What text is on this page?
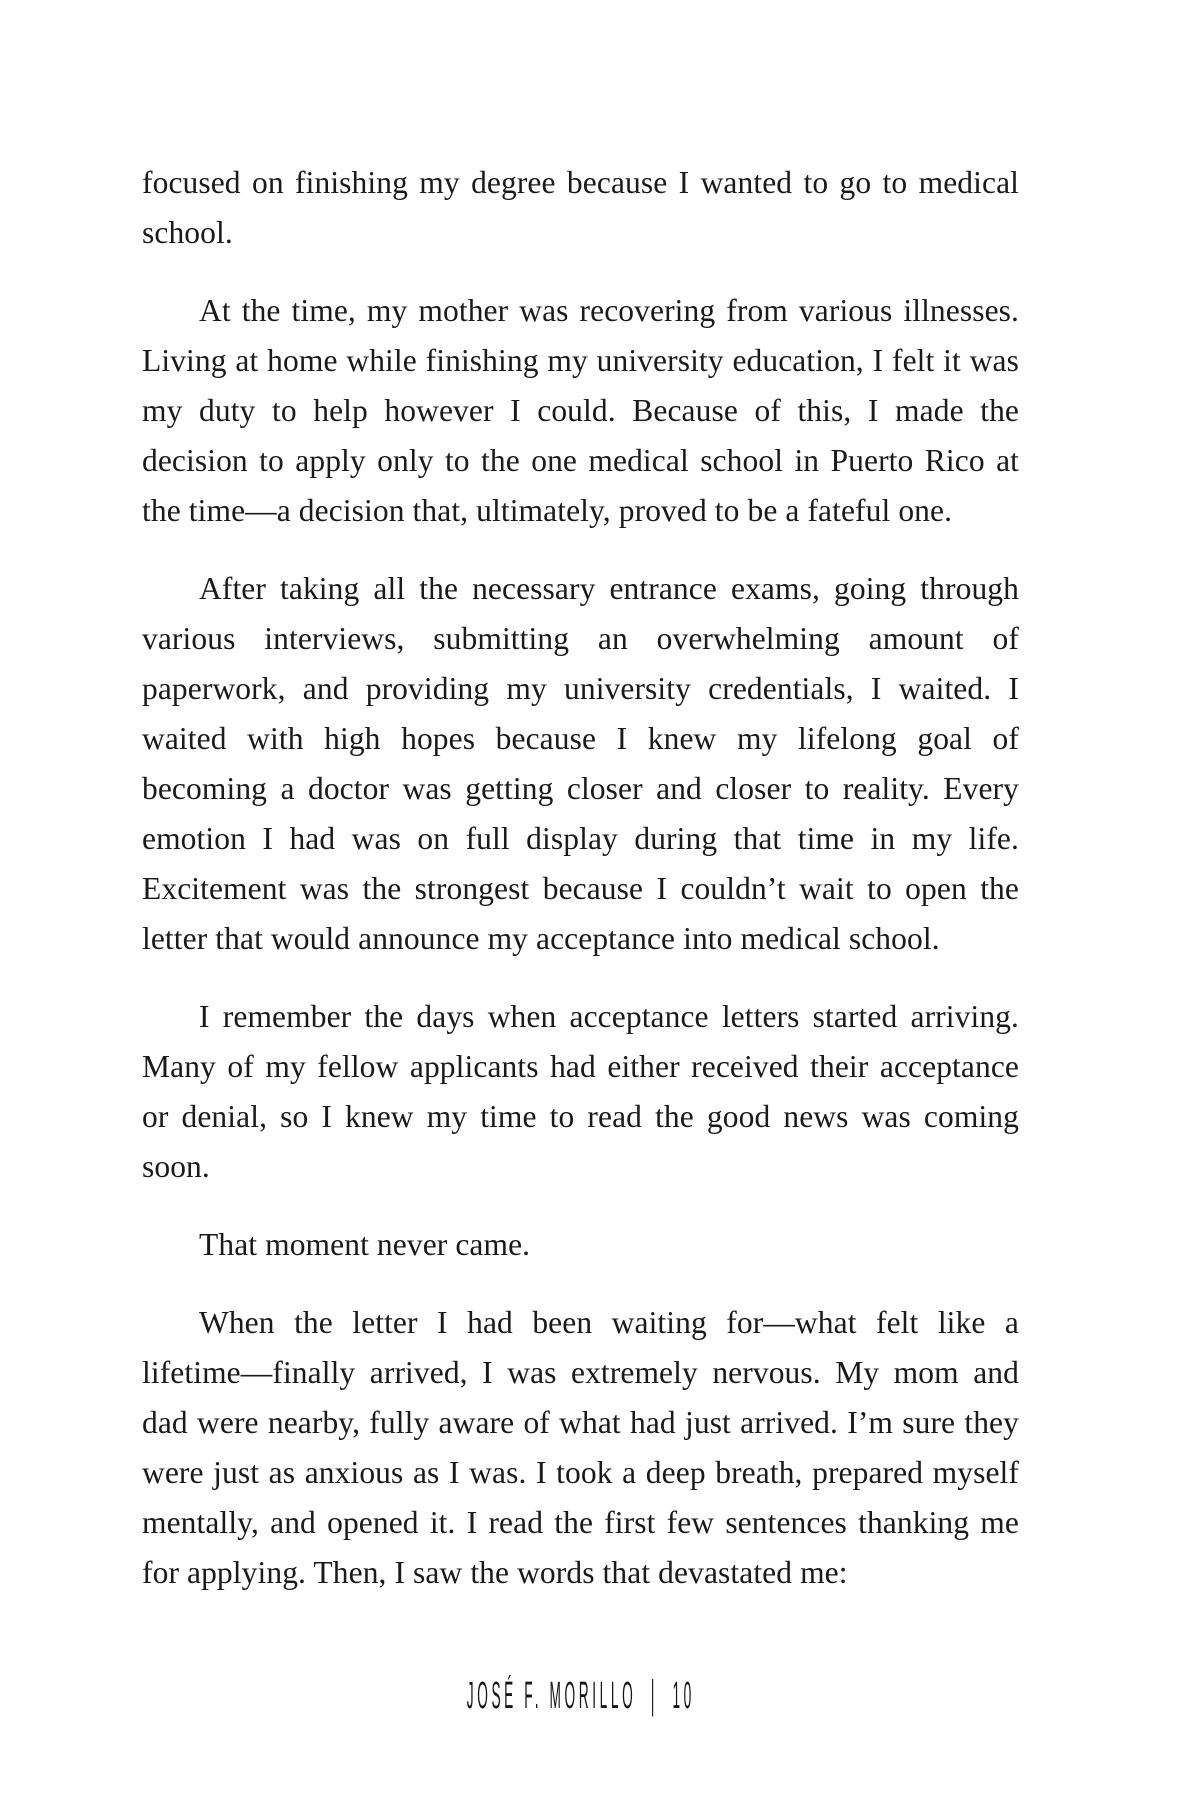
focused on finishing my degree because I wanted to go to medical
school.
At the time, my mother was recovering from various illnesses.
Living at home while finishing my university education, I felt it was
my duty to help however I could. Because of this, I made the
decision to apply only to the one medical school in Puerto Rico at
the time—a decision that, ultimately, proved to be a fateful one.
After taking all the necessary entrance exams, going through
various interviews, submitting an overwhelming amount of
paperwork, and providing my university credentials, I waited. I
waited with high hopes because I knew my lifelong goal of
becoming a doctor was getting closer and closer to reality. Every
emotion I had was on full display during that time in my life.
Excitement was the strongest because I couldn’t wait to open the
letter that would announce my acceptance into medical school.
I remember the days when acceptance letters started arriving.
Many of my fellow applicants had either received their acceptance
or denial, so I knew my time to read the good news was coming
soon.
That moment never came.
When the letter I had been waiting for—what felt like a
lifetime—finally arrived, I was extremely nervous. My mom and
dad were nearby, fully aware of what had just arrived. I’m sure they
were just as anxious as I was. I took a deep breath, prepared myself
mentally, and opened it. I read the first few sentences thanking me
for applying. Then, I saw the words that devastated me:
JOSÉ F. MORILLO | 10
